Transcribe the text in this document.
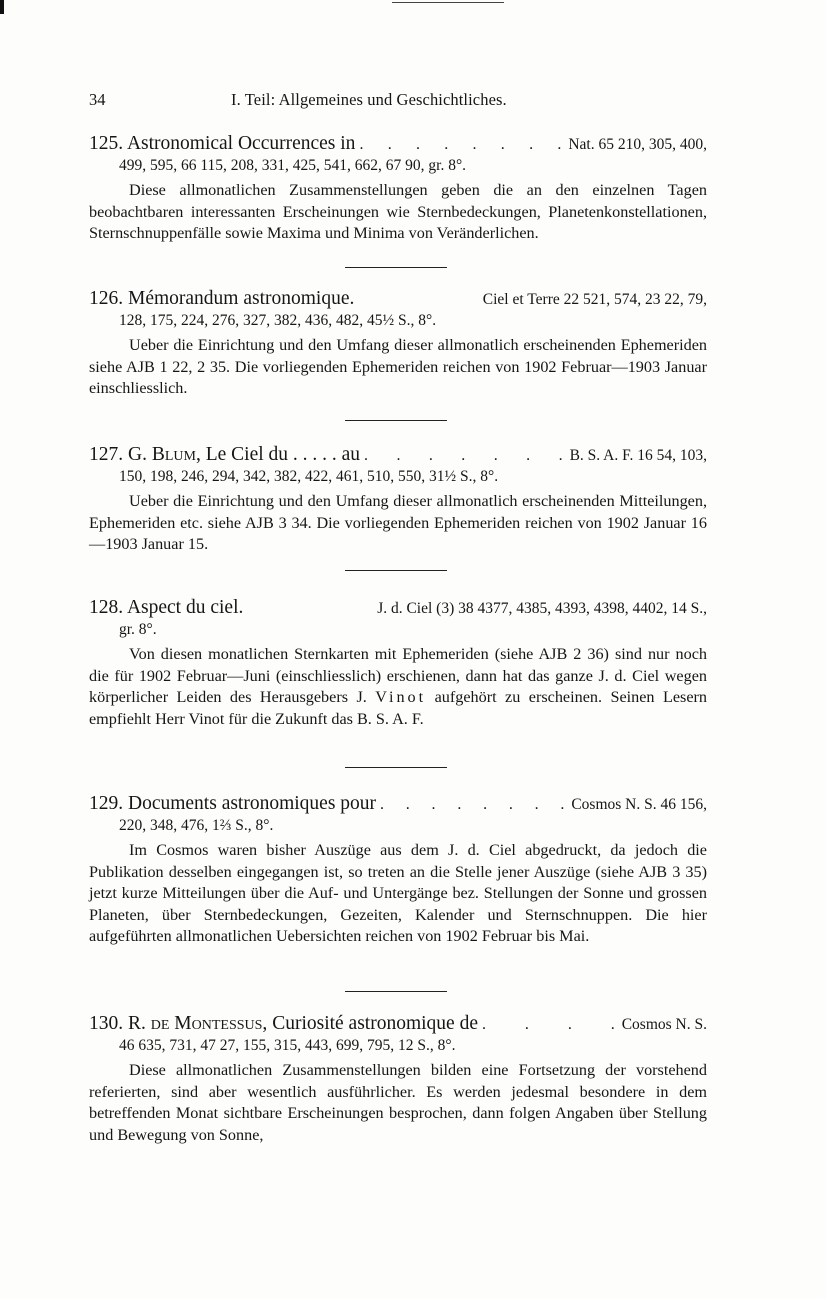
34	I. Teil: Allgemeines und Geschichtliches.
125. Astronomical Occurrences in . . . . . . . . Nat. 65 210, 305, 400,
499, 595, 66 115, 208, 331, 425, 541, 662, 67 90, gr. 8°.

Diese allmonatlichen Zusammenstellungen geben die an den einzelnen Tagen beobachtbaren interessanten Erscheinungen wie Sternbedeckungen, Planetenkonstellationen, Sternschnuppenfälle sowie Maxima und Minima von Veränderlichen.

126. Mémorandum astronomique.	Ciel et Terre 22 521, 574, 23 22, 79,
128, 175, 224, 276, 327, 382, 436, 482, 45½ S., 8°.

Ueber die Einrichtung und den Umfang dieser allmonatlich erscheinenden Ephemeriden siehe AJB 1 22, 2 35. Die vorliegenden Ephemeriden reichen von 1902 Februar—1903 Januar einschliesslich.

127. G. Blum, Le Ciel du . . . . . au . . . . . . . B. S. A. F. 16 54, 103,
150, 198, 246, 294, 342, 382, 422, 461, 510, 550, 31½ S., 8°.

Ueber die Einrichtung und den Umfang dieser allmonatlich erscheinenden Mitteilungen, Ephemeriden etc. siehe AJB 3 34. Die vorliegenden Ephemeriden reichen von 1902 Januar 16—1903 Januar 15.

128. Aspect du ciel.	J. d. Ciel (3) 38 4377, 4385, 4393, 4398, 4402, 14 S.,
gr. 8°.

Von diesen monatlichen Sternkarten mit Ephemeriden (siehe AJB 2 36) sind nur noch die für 1902 Februar—Juni (einschliesslich) erschienen, dann hat das ganze J. d. Ciel wegen körperlicher Leiden des Herausgebers J. Vinot aufgehört zu erscheinen. Seinen Lesern empfiehlt Herr Vinot für die Zukunft das B. S. A. F.

129. Documents astronomiques pour . . . . . . . . Cosmos N. S. 46 156,
220, 348, 476, 1⅔ S., 8°.

Im Cosmos waren bisher Auszüge aus dem J. d. Ciel abgedruckt, da jedoch die Publikation desselben eingegangen ist, so treten an die Stelle jener Auszüge (siehe AJB 3 35) jetzt kurze Mitteilungen über die Auf- und Untergänge bez. Stellungen der Sonne und grossen Planeten, über Sternbedeckungen, Gezeiten, Kalender und Sternschnuppen. Die hier aufgeführten allmonatlichen Uebersichten reichen von 1902 Februar bis Mai.

130. R. de Montessus, Curiosité astronomique de . . . . Cosmos N. S.
46 635, 731, 47 27, 155, 315, 443, 699, 795, 12 S., 8°.

Diese allmonatlichen Zusammenstellungen bilden eine Fortsetzung der vorstehend referierten, sind aber wesentlich ausführlicher. Es werden jedesmal besondere in dem betreffenden Monat sichtbare Erscheinungen besprochen, dann folgen Angaben über Stellung und Bewegung von Sonne,
